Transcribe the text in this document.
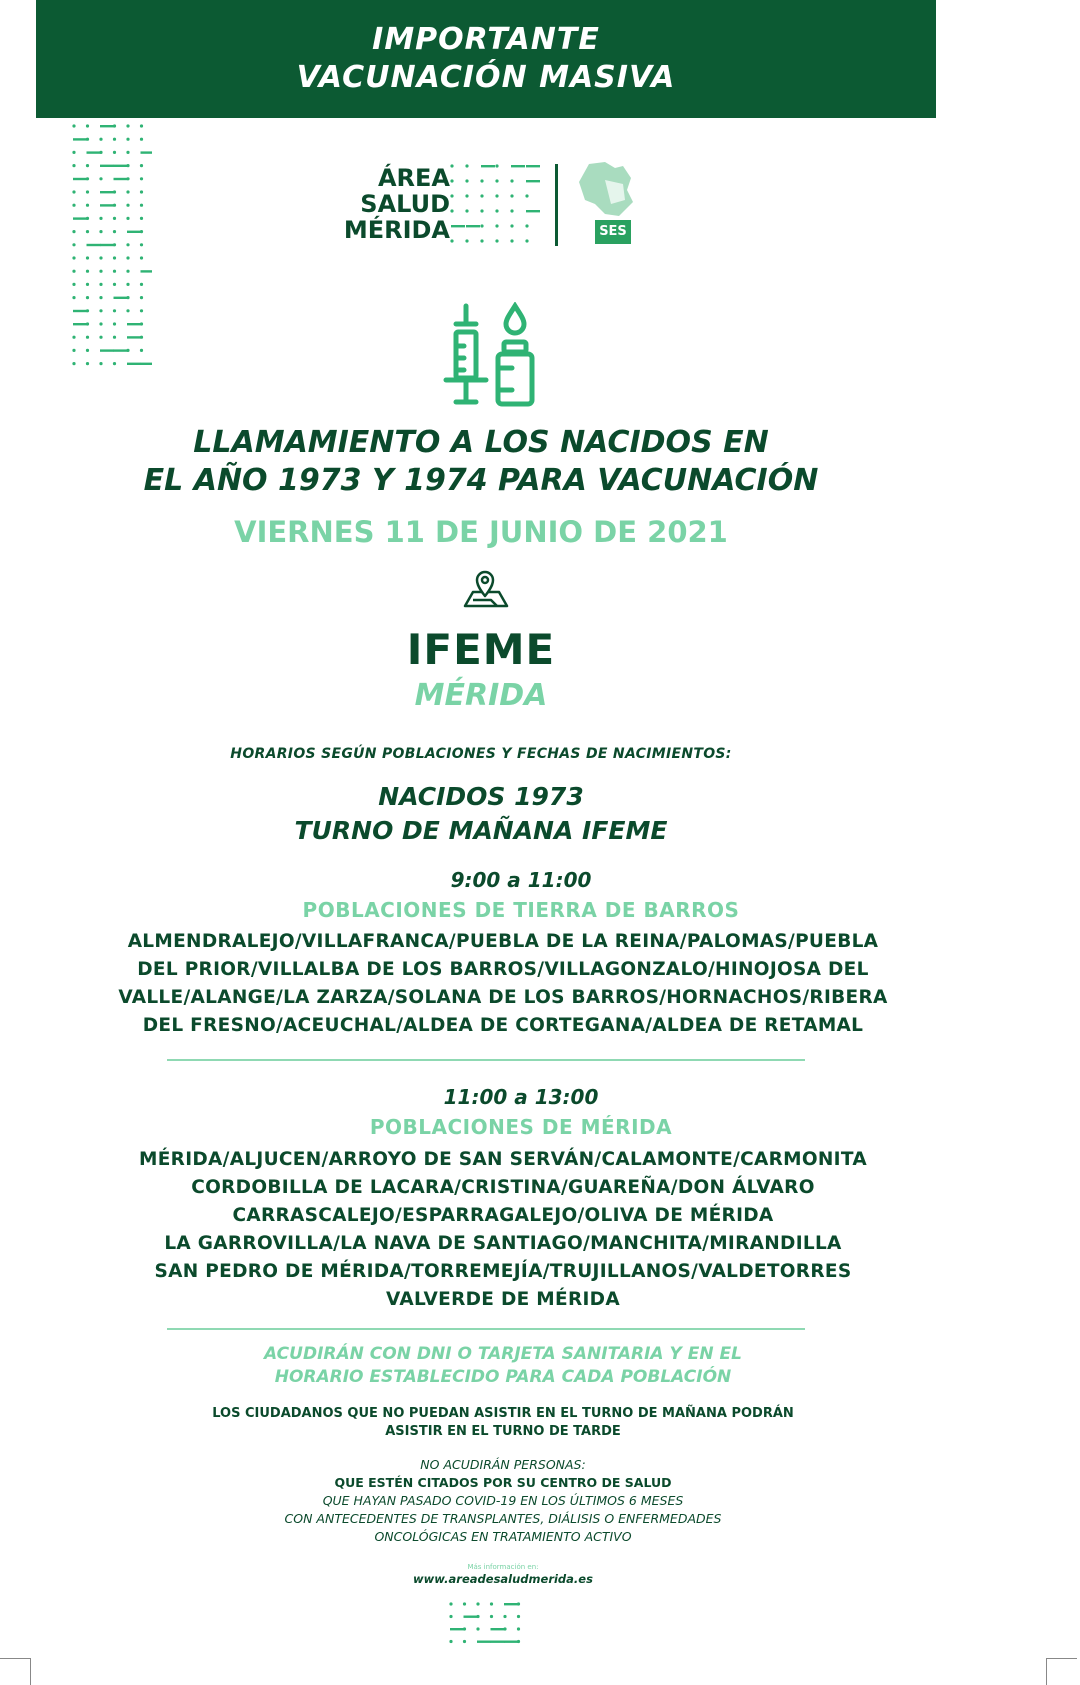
IMPORTANTE
VACUNACIÓN MASIVA
ÁREA
SALUD
MÉRIDA	SES
LLAMAMIENTO A LOS NACIDOS EN
EL AÑO 1973 Y 1974 PARA VACUNACIÓN
VIERNES 11 DE JUNIO DE 2021
IFEME
MÉRIDA
HORARIOS SEGÚN POBLACIONES Y FECHAS DE NACIMIENTOS:
NACIDOS 1973
TURNO DE MAÑANA IFEME
9:00 a 11:00
POBLACIONES DE TIERRA DE BARROS
ALMENDRALEJO/VILLAFRANCA/PUEBLA DE LA REINA/PALOMAS/PUEBLA
DEL PRIOR/VILLALBA DE LOS BARROS/VILLAGONZALO/HINOJOSA DEL
VALLE/ALANGE/LA ZARZA/SOLANA DE LOS BARROS/HORNACHOS/RIBERA
DEL FRESNO/ACEUCHAL/ALDEA DE CORTEGANA/ALDEA DE RETAMAL
11:00 a 13:00
POBLACIONES DE MÉRIDA
MÉRIDA/ALJUCEN/ARROYO DE SAN SERVÁN/CALAMONTE/CARMONITA
CORDOBILLA DE LACARA/CRISTINA/GUAREÑA/DON ÁLVARO
CARRASCALEJO/ESPARRAGALEJO/OLIVA DE MÉRIDA
LA GARROVILLA/LA NAVA DE SANTIAGO/MANCHITA/MIRANDILLA
SAN PEDRO DE MÉRIDA/TORREMEJÍA/TRUJILLANOS/VALDETORRES
VALVERDE DE MÉRIDA
ACUDIRÁN CON DNI O TARJETA SANITARIA Y EN EL
HORARIO ESTABLECIDO PARA CADA POBLACIÓN
LOS CIUDADANOS QUE NO PUEDAN ASISTIR EN EL TURNO DE MAÑANA PODRÁN
ASISTIR EN EL TURNO DE TARDE
NO ACUDIRÁN PERSONAS:
QUE ESTÉN CITADOS POR SU CENTRO DE SALUD
QUE HAYAN PASADO COVID-19 EN LOS ÚLTIMOS 6 MESES
CON ANTECEDENTES DE TRANSPLANTES, DIÁLISIS O ENFERMEDADES
ONCOLÓGICAS EN TRATAMIENTO ACTIVO
Más información en:
www.areadesaludmerida.es
